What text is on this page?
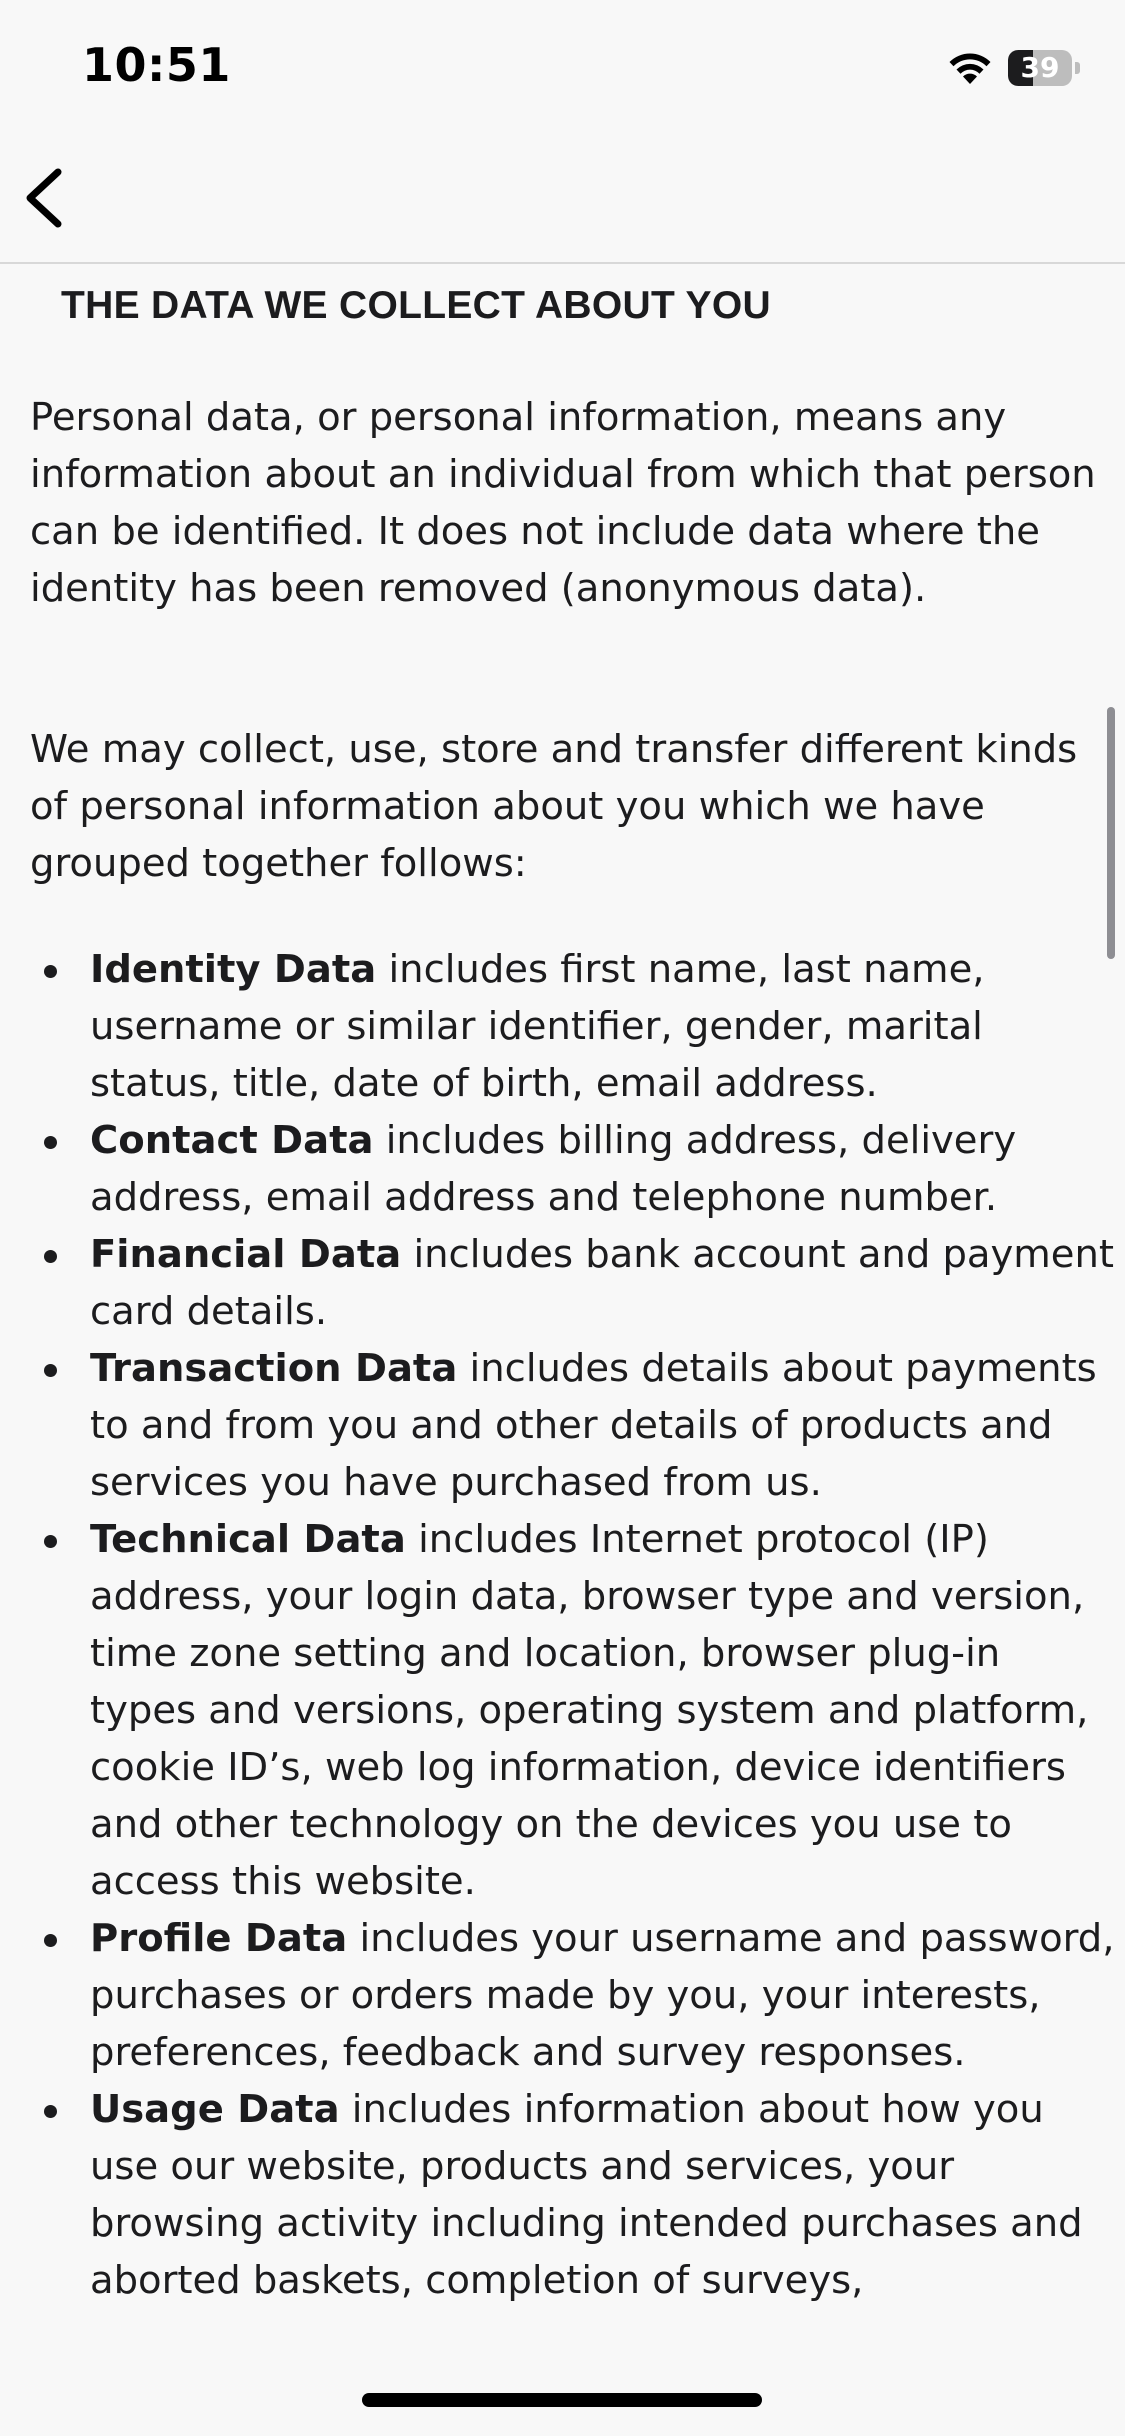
10:51	39
THE DATA WE COLLECT ABOUT YOU

Personal data, or personal information, means any information about an individual from which that person can be identified. It does not include data where the identity has been removed (anonymous data).

We may collect, use, store and transfer different kinds of personal information about you which we have grouped together follows:

Identity Data includes first name, last name, username or similar identifier, gender, marital status, title, date of birth, email address.
Contact Data includes billing address, delivery address, email address and telephone number.
Financial Data includes bank account and payment card details.
Transaction Data includes details about payments to and from you and other details of products and services you have purchased from us.
Technical Data includes Internet protocol (IP) address, your login data, browser type and version, time zone setting and location, browser plug-in types and versions, operating system and platform, cookie ID’s, web log information, device identifiers and other technology on the devices you use to access this website.
Profile Data includes your username and password, purchases or orders made by you, your interests, preferences, feedback and survey responses.
Usage Data includes information about how you use our website, products and services, your browsing activity including intended purchases and aborted baskets, completion of surveys,
